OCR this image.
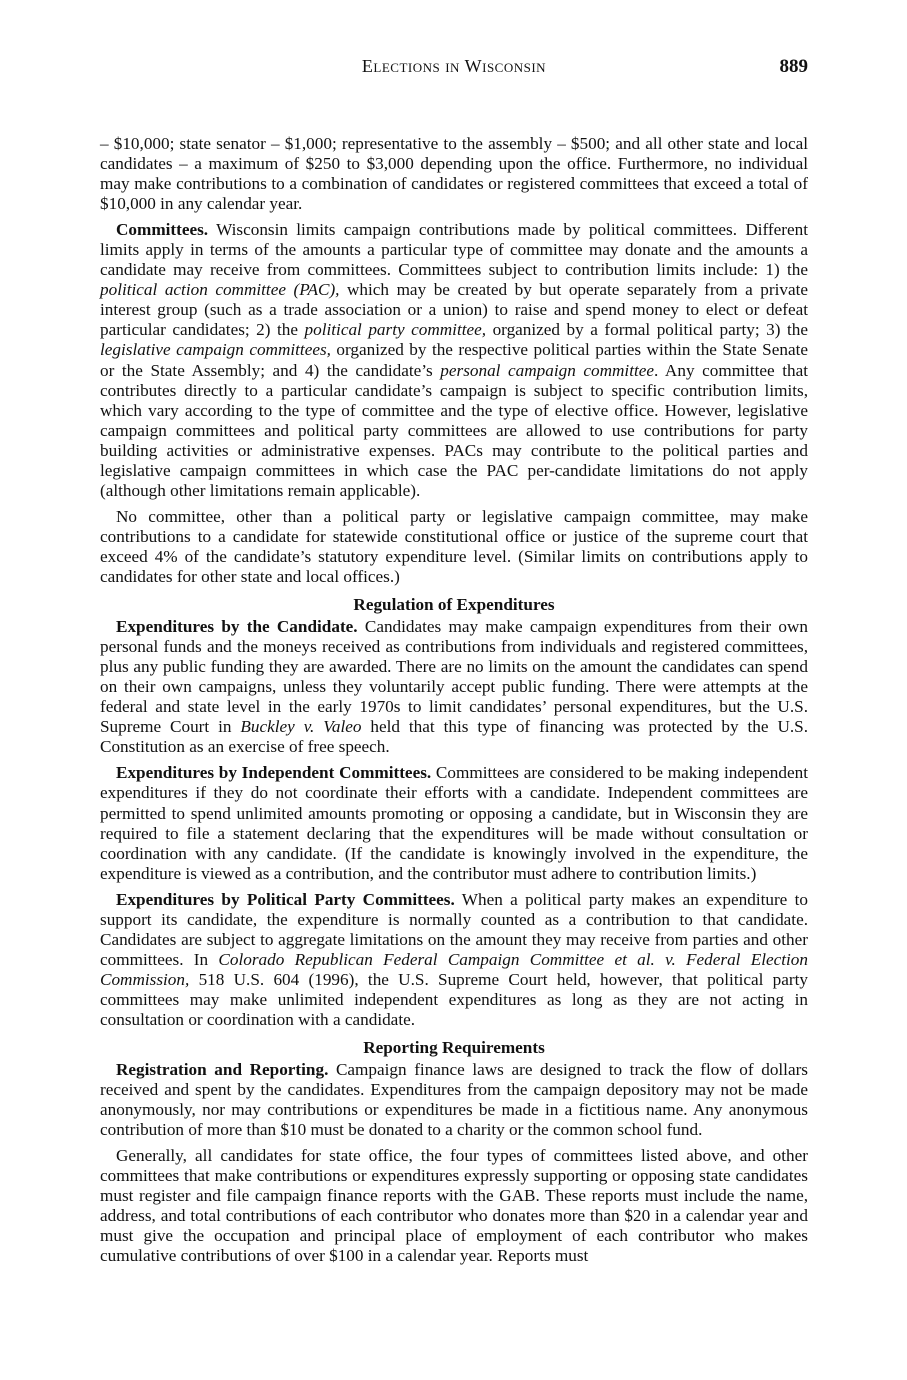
Elections in Wisconsin	889

– $10,000; state senator – $1,000; representative to the assembly – $500; and all other state and local candidates – a maximum of $250 to $3,000 depending upon the office. Furthermore, no individual may make contributions to a combination of candidates or registered committees that exceed a total of $10,000 in any calendar year.

Committees. Wisconsin limits campaign contributions made by political committees. Different limits apply in terms of the amounts a particular type of committee may donate and the amounts a candidate may receive from committees. Committees subject to contribution limits include: 1) the political action committee (PAC), which may be created by but operate separately from a private interest group (such as a trade association or a union) to raise and spend money to elect or defeat particular candidates; 2) the political party committee, organized by a formal political party; 3) the legislative campaign committees, organized by the respective political parties within the State Senate or the State Assembly; and 4) the candidate’s personal campaign committee. Any committee that contributes directly to a particular candidate’s campaign is subject to specific contribution limits, which vary according to the type of committee and the type of elective office. However, legislative campaign committees and political party committees are allowed to use contributions for party building activities or administrative expenses. PACs may contribute to the political parties and legislative campaign committees in which case the PAC per-candidate limitations do not apply (although other limitations remain applicable).

No committee, other than a political party or legislative campaign committee, may make contributions to a candidate for statewide constitutional office or justice of the supreme court that exceed 4% of the candidate’s statutory expenditure level. (Similar limits on contributions apply to candidates for other state and local offices.)

Regulation of Expenditures

Expenditures by the Candidate. Candidates may make campaign expenditures from their own personal funds and the moneys received as contributions from individuals and registered committees, plus any public funding they are awarded. There are no limits on the amount the candidates can spend on their own campaigns, unless they voluntarily accept public funding. There were attempts at the federal and state level in the early 1970s to limit candidates’ personal expenditures, but the U.S. Supreme Court in Buckley v. Valeo held that this type of financing was protected by the U.S. Constitution as an exercise of free speech.

Expenditures by Independent Committees. Committees are considered to be making independent expenditures if they do not coordinate their efforts with a candidate. Independent committees are permitted to spend unlimited amounts promoting or opposing a candidate, but in Wisconsin they are required to file a statement declaring that the expenditures will be made without consultation or coordination with any candidate. (If the candidate is knowingly involved in the expenditure, the expenditure is viewed as a contribution, and the contributor must adhere to contribution limits.)

Expenditures by Political Party Committees. When a political party makes an expenditure to support its candidate, the expenditure is normally counted as a contribution to that candidate. Candidates are subject to aggregate limitations on the amount they may receive from parties and other committees. In Colorado Republican Federal Campaign Committee et al. v. Federal Election Commission, 518 U.S. 604 (1996), the U.S. Supreme Court held, however, that political party committees may make unlimited independent expenditures as long as they are not acting in consultation or coordination with a candidate.

Reporting Requirements

Registration and Reporting. Campaign finance laws are designed to track the flow of dollars received and spent by the candidates. Expenditures from the campaign depository may not be made anonymously, nor may contributions or expenditures be made in a fictitious name. Any anonymous contribution of more than $10 must be donated to a charity or the common school fund.

Generally, all candidates for state office, the four types of committees listed above, and other committees that make contributions or expenditures expressly supporting or opposing state candidates must register and file campaign finance reports with the GAB. These reports must include the name, address, and total contributions of each contributor who donates more than $20 in a calendar year and must give the occupation and principal place of employment of each contributor who makes cumulative contributions of over $100 in a calendar year. Reports must
